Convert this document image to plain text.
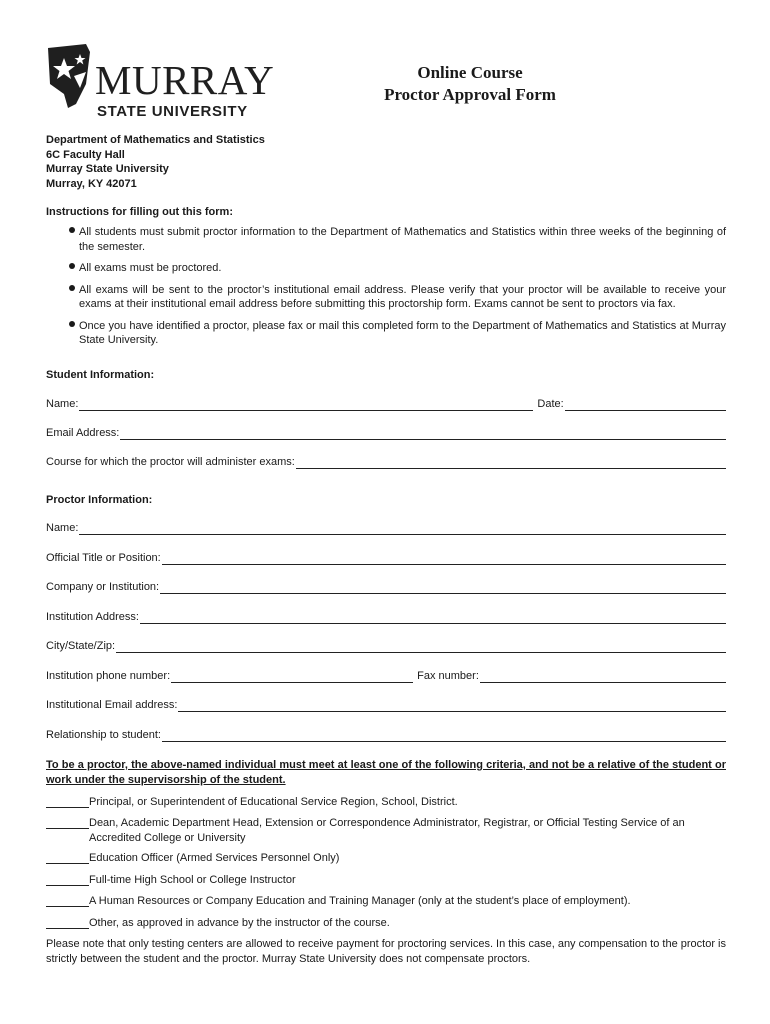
MURRAY
STATE UNIVERSITY
Online Course
Proctor Approval Form
Department of Mathematics and Statistics
6C Faculty Hall
Murray State University
Murray, KY 42071
Instructions for filling out this form:
All students must submit proctor information to the Department of Mathematics and Statistics within three weeks of the beginning of the semester.
All exams must be proctored.
All exams will be sent to the proctor’s institutional email address. Please verify that your proctor will be available to receive your exams at their institutional email address before submitting this proctorship form. Exams cannot be sent to proctors via fax.
Once you have identified a proctor, please fax or mail this completed form to the Department of Mathematics and Statistics at Murray State University.
Student Information:
Name:	Date:
Email Address:
Course for which the proctor will administer exams:
Proctor Information:
Name:
Official Title or Position:
Company or Institution:
Institution Address:
City/State/Zip:
Institution phone number:	Fax number:
Institutional Email address:
Relationship to student:
To be a proctor, the above-named individual must meet at least one of the following criteria, and not be a relative of the student or work under the supervisorship of the student.
Principal, or Superintendent of Educational Service Region, School, District.
Dean, Academic Department Head, Extension or Correspondence Administrator, Registrar, or Official Testing Service of an Accredited College or University
Education Officer (Armed Services Personnel Only)
Full-time High School or College Instructor
A Human Resources or Company Education and Training Manager (only at the student’s place of employment).
Other, as approved in advance by the instructor of the course.
Please note that only testing centers are allowed to receive payment for proctoring services. In this case, any compensation to the proctor is strictly between the student and the proctor. Murray State University does not compensate proctors.
